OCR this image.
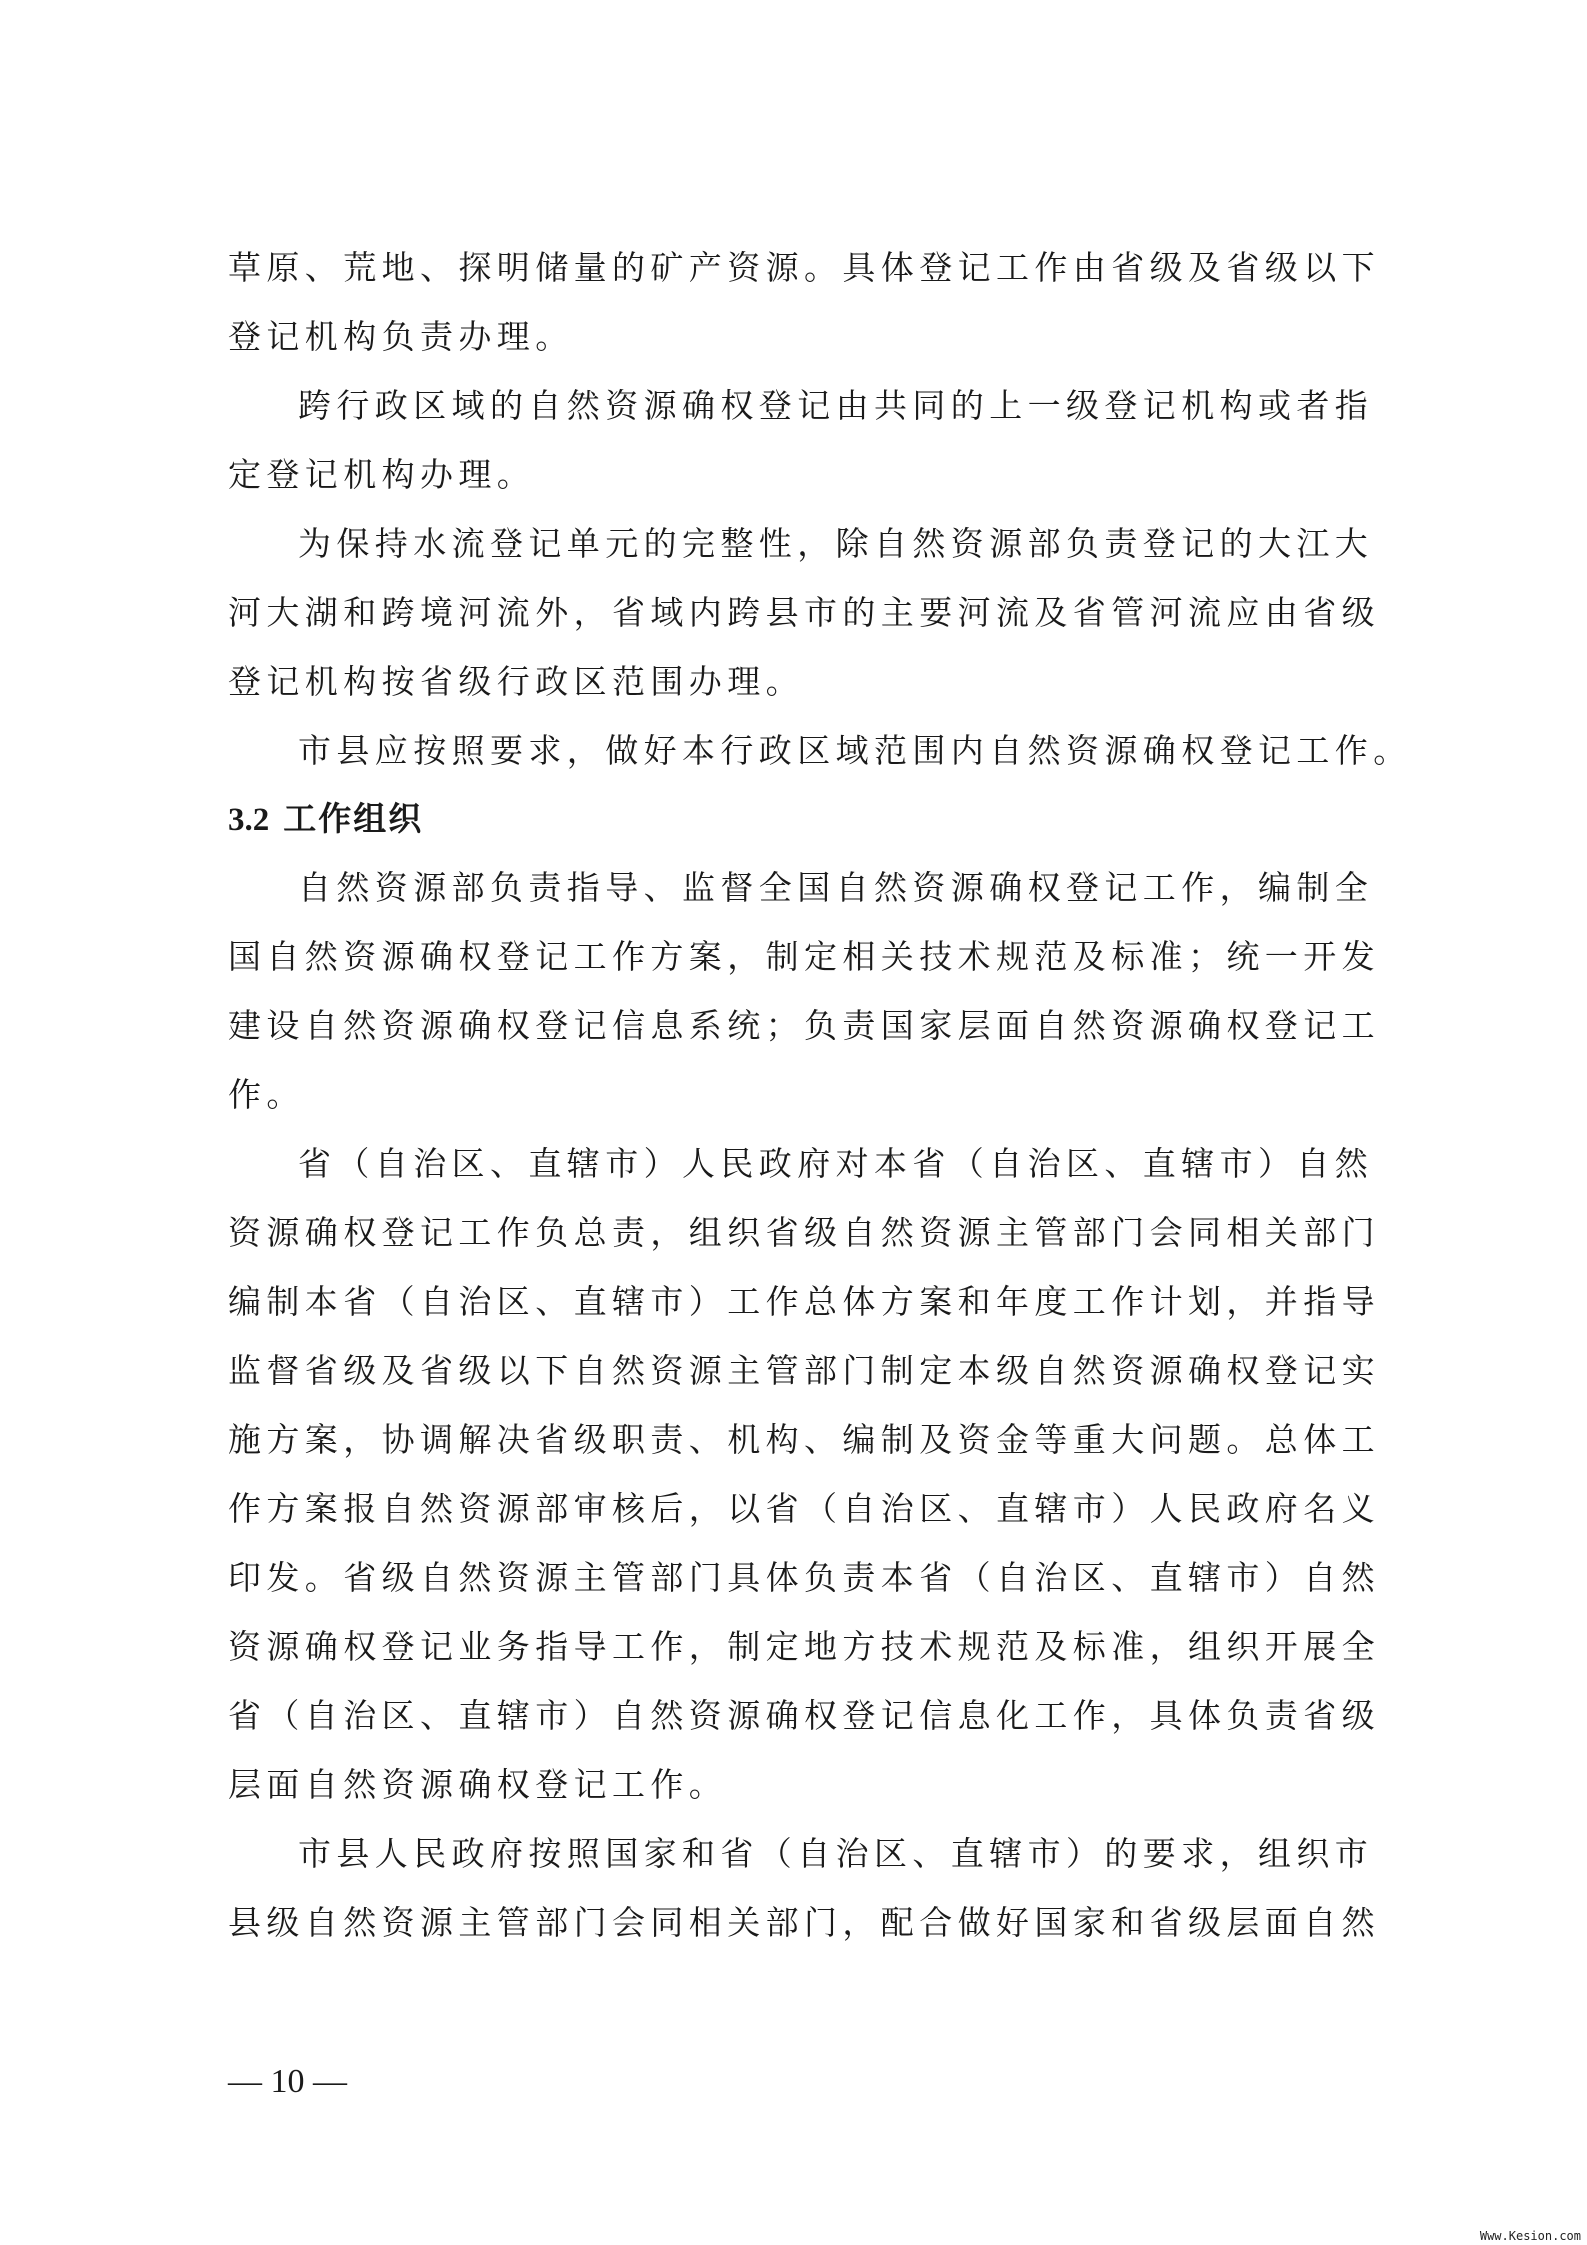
草原、荒地、探明储量的矿产资源。具体登记工作由省级及省级以下
登记机构负责办理。
跨行政区域的自然资源确权登记由共同的上一级登记机构或者指
定登记机构办理。
为保持水流登记单元的完整性，除自然资源部负责登记的大江大
河大湖和跨境河流外，省域内跨县市的主要河流及省管河流应由省级
登记机构按省级行政区范围办理。
市县应按照要求，做好本行政区域范围内自然资源确权登记工作。
3.2 工作组织
自然资源部负责指导、监督全国自然资源确权登记工作，编制全
国自然资源确权登记工作方案，制定相关技术规范及标准；统一开发
建设自然资源确权登记信息系统；负责国家层面自然资源确权登记工
作。
省（自治区、直辖市）人民政府对本省（自治区、直辖市）自然
资源确权登记工作负总责，组织省级自然资源主管部门会同相关部门
编制本省（自治区、直辖市）工作总体方案和年度工作计划，并指导
监督省级及省级以下自然资源主管部门制定本级自然资源确权登记实
施方案，协调解决省级职责、机构、编制及资金等重大问题。总体工
作方案报自然资源部审核后，以省（自治区、直辖市）人民政府名义
印发。省级自然资源主管部门具体负责本省（自治区、直辖市）自然
资源确权登记业务指导工作，制定地方技术规范及标准，组织开展全
省（自治区、直辖市）自然资源确权登记信息化工作，具体负责省级
层面自然资源确权登记工作。
市县人民政府按照国家和省（自治区、直辖市）的要求，组织市
县级自然资源主管部门会同相关部门，配合做好国家和省级层面自然
— 10 —
Www.Kesion.com
